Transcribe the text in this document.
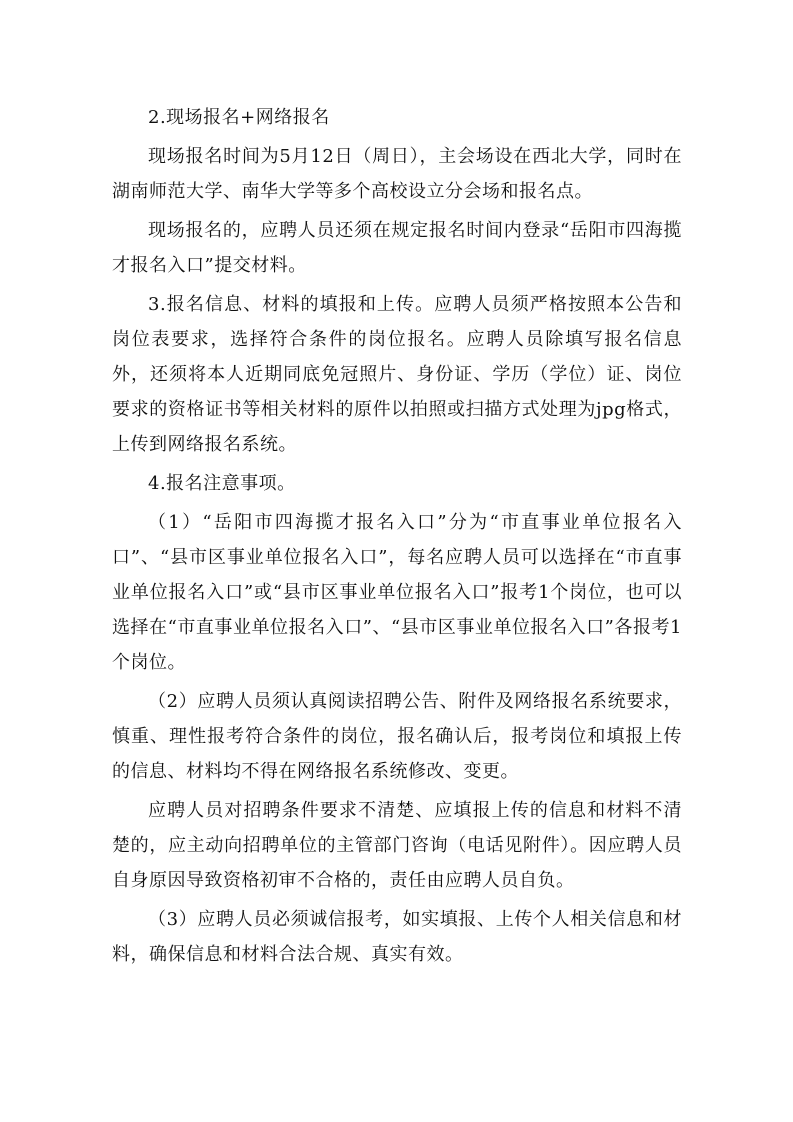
2.现场报名+网络报名

现场报名时间为5月12日（周日），主会场设在西北大学，同时在湖南师范大学、南华大学等多个高校设立分会场和报名点。

现场报名的，应聘人员还须在规定报名时间内登录“岳阳市四海揽才报名入口”提交材料。

3.报名信息、材料的填报和上传。应聘人员须严格按照本公告和岗位表要求，选择符合条件的岗位报名。应聘人员除填写报名信息外，还须将本人近期同底免冠照片、身份证、学历（学位）证、岗位要求的资格证书等相关材料的原件以拍照或扫描方式处理为jpg格式，上传到网络报名系统。

4.报名注意事项。

（1）“岳阳市四海揽才报名入口”分为“市直事业单位报名入口”、“县市区事业单位报名入口”，每名应聘人员可以选择在“市直事业单位报名入口”或“县市区事业单位报名入口”报考1个岗位，也可以选择在“市直事业单位报名入口”、“县市区事业单位报名入口”各报考1个岗位。

（2）应聘人员须认真阅读招聘公告、附件及网络报名系统要求，慎重、理性报考符合条件的岗位，报名确认后，报考岗位和填报上传的信息、材料均不得在网络报名系统修改、变更。

应聘人员对招聘条件要求不清楚、应填报上传的信息和材料不清楚的，应主动向招聘单位的主管部门咨询（电话见附件）。因应聘人员自身原因导致资格初审不合格的，责任由应聘人员自负。

（3）应聘人员必须诚信报考，如实填报、上传个人相关信息和材料，确保信息和材料合法合规、真实有效。
